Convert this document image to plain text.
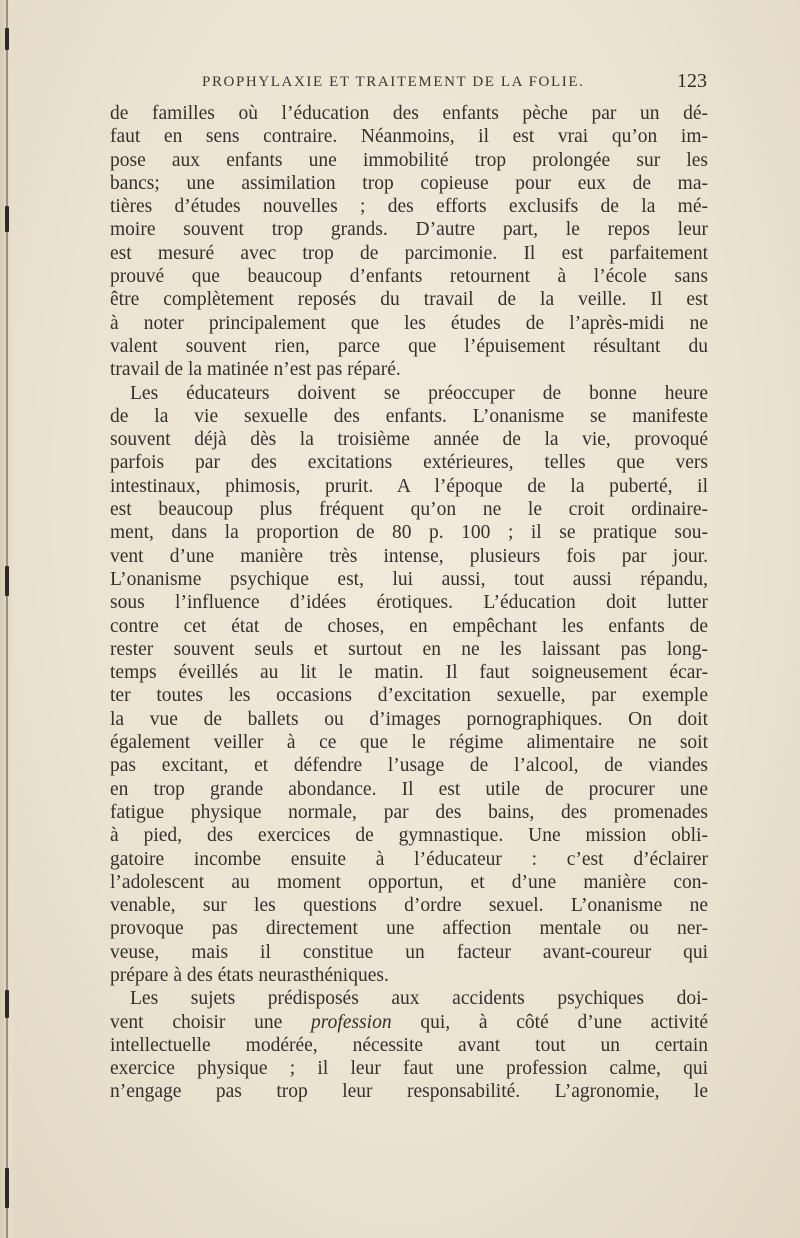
PROPHYLAXIE ET TRAITEMENT DE LA FOLIE.	123
de familles où l’éducation des enfants pèche par un dé-
faut en sens contraire. Néanmoins, il est vrai qu’on im-
pose aux enfants une immobilité trop prolongée sur les
bancs; une assimilation trop copieuse pour eux de ma-
tières d’études nouvelles ; des efforts exclusifs de la mé-
moire souvent trop grands. D’autre part, le repos leur
est mesuré avec trop de parcimonie. Il est parfaitement
prouvé que beaucoup d’enfants retournent à l’école sans
être complètement reposés du travail de la veille. Il est
à noter principalement que les études de l’après-midi ne
valent souvent rien, parce que l’épuisement résultant du
travail de la matinée n’est pas réparé.
Les éducateurs doivent se préoccuper de bonne heure
de la vie sexuelle des enfants. L’onanisme se manifeste
souvent déjà dès la troisième année de la vie, provoqué
parfois par des excitations extérieures, telles que vers
intestinaux, phimosis, prurit. A l’époque de la puberté, il
est beaucoup plus fréquent qu’on ne le croit ordinaire-
ment, dans la proportion de 80 p. 100 ; il se pratique sou-
vent d’une manière très intense, plusieurs fois par jour.
L’onanisme psychique est, lui aussi, tout aussi répandu,
sous l’influence d’idées érotiques. L’éducation doit lutter
contre cet état de choses, en empêchant les enfants de
rester souvent seuls et surtout en ne les laissant pas long-
temps éveillés au lit le matin. Il faut soigneusement écar-
ter toutes les occasions d’excitation sexuelle, par exemple
la vue de ballets ou d’images pornographiques. On doit
également veiller à ce que le régime alimentaire ne soit
pas excitant, et défendre l’usage de l’alcool, de viandes
en trop grande abondance. Il est utile de procurer une
fatigue physique normale, par des bains, des promenades
à pied, des exercices de gymnastique. Une mission obli-
gatoire incombe ensuite à l’éducateur : c’est d’éclairer
l’adolescent au moment opportun, et d’une manière con-
venable, sur les questions d’ordre sexuel. L’onanisme ne
provoque pas directement une affection mentale ou ner-
veuse, mais il constitue un facteur avant-coureur qui
prépare à des états neurasthéniques.
Les sujets prédisposés aux accidents psychiques doi-
vent choisir une profession qui, à côté d’une activité
intellectuelle modérée, nécessite avant tout un certain
exercice physique ; il leur faut une profession calme, qui
n’engage pas trop leur responsabilité. L’agronomie, le
